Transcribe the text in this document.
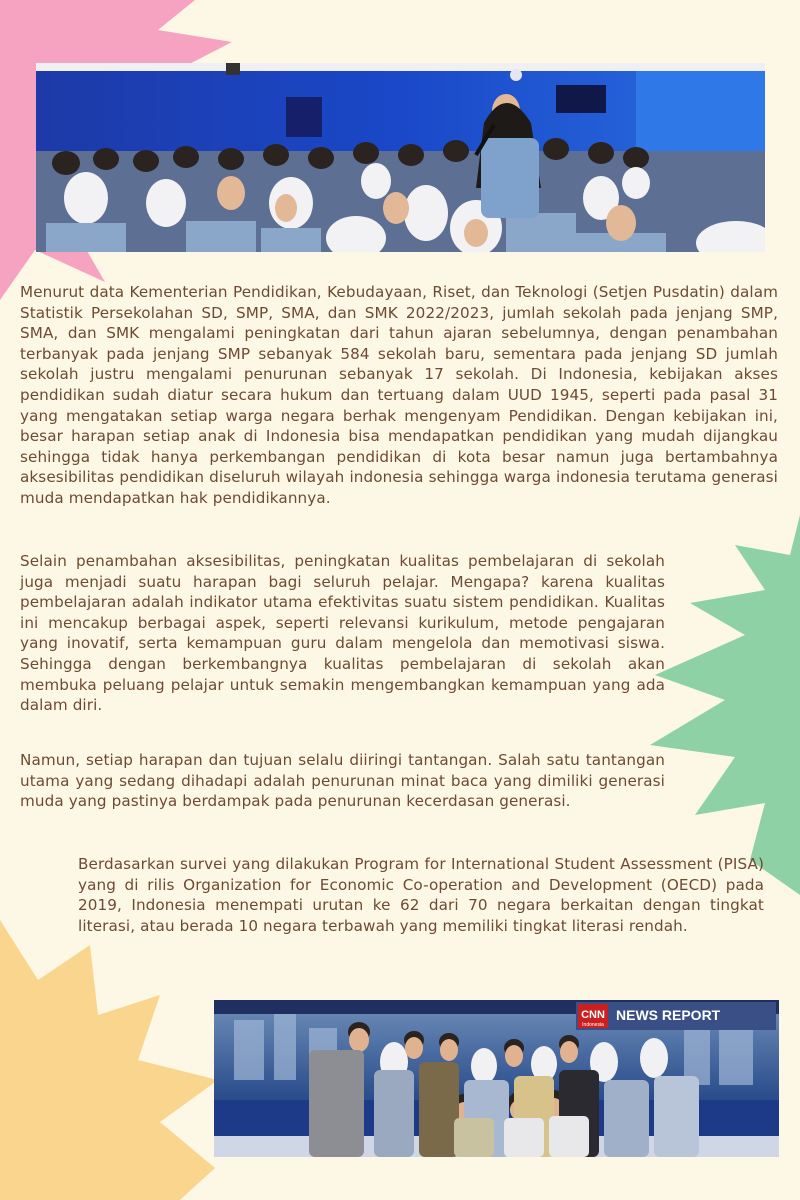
Menurut data Kementerian Pendidikan, Kebudayaan, Riset, dan Teknologi (Setjen Pusdatin) dalam Statistik Persekolahan SD, SMP, SMA, dan SMK 2022/2023, jumlah sekolah pada jenjang SMP, SMA, dan SMK mengalami peningkatan dari tahun ajaran sebelumnya, dengan penambahan terbanyak pada jenjang SMP sebanyak 584 sekolah baru, sementara pada jenjang SD jumlah sekolah justru mengalami penurunan sebanyak 17 sekolah. Di Indonesia, kebijakan akses pendidikan sudah diatur secara hukum dan tertuang dalam UUD 1945, seperti pada pasal 31 yang mengatakan setiap warga negara berhak mengenyam Pendidikan. Dengan kebijakan ini, besar harapan setiap anak di Indonesia bisa mendapatkan pendidikan yang mudah dijangkau sehingga tidak hanya perkembangan pendidikan di kota besar namun juga bertambahnya aksesibilitas pendidikan diseluruh wilayah indonesia sehingga warga indonesia terutama generasi muda mendapatkan hak pendidikannya.

Selain penambahan aksesibilitas, peningkatan kualitas pembelajaran di sekolah juga menjadi suatu harapan bagi seluruh pelajar. Mengapa? karena kualitas pembelajaran adalah indikator utama efektivitas suatu sistem pendidikan. Kualitas ini mencakup berbagai aspek, seperti relevansi kurikulum, metode pengajaran yang inovatif, serta kemampuan guru dalam mengelola dan memotivasi siswa. Sehingga dengan berkembangnya kualitas pembelajaran di sekolah akan membuka peluang pelajar untuk semakin mengembangkan kemampuan yang ada dalam diri.

Namun, setiap harapan dan tujuan selalu diiringi tantangan. Salah satu tantangan utama yang sedang dihadapi adalah penurunan minat baca yang dimiliki generasi muda yang pastinya berdampak pada penurunan kecerdasan generasi.

Berdasarkan survei yang dilakukan Program for International Student Assessment (PISA) yang di rilis Organization for Economic Co-operation and Development (OECD) pada 2019, Indonesia menempati urutan ke 62 dari 70 negara berkaitan dengan tingkat literasi, atau berada 10 negara terbawah yang memiliki tingkat literasi rendah.

CNN
Indonesia
NEWS REPORT
